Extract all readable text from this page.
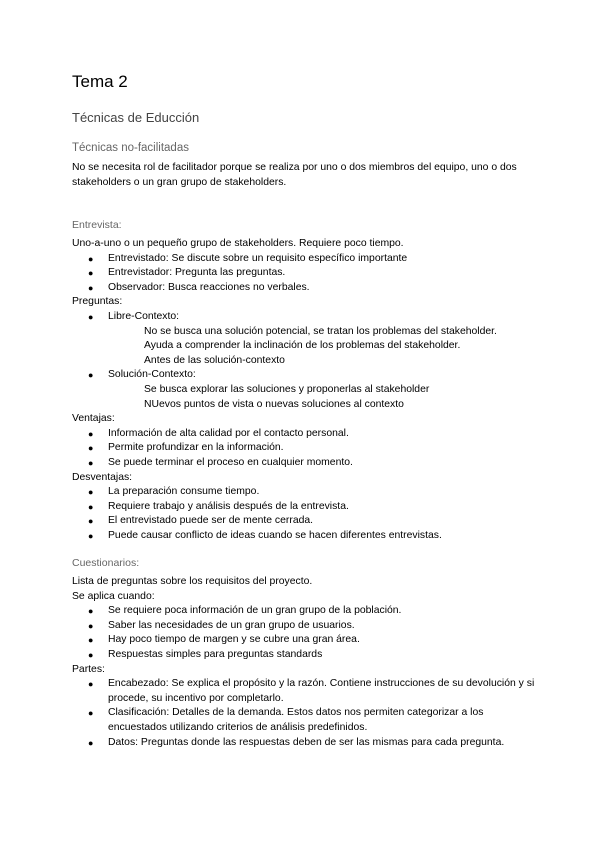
Tema 2
Técnicas de Educción
Técnicas no-facilitadas
No se necesita rol de facilitador porque se realiza por uno o dos miembros del equipo, uno o dos stakeholders o un gran grupo de stakeholders.
Entrevista:
Uno-a-uno o un pequeño grupo de stakeholders. Requiere poco tiempo.
● Entrevistado: Se discute sobre un requisito específico importante
● Entrevistador: Pregunta las preguntas.
● Observador: Busca reacciones no verbales.
Preguntas:
● Libre-Contexto:
No se busca una solución potencial, se tratan los problemas del stakeholder.
Ayuda a comprender la inclinación de los problemas del stakeholder.
Antes de las solución-contexto
● Solución-Contexto:
Se busca explorar las soluciones y proponerlas al stakeholder
NUevos puntos de vista o nuevas soluciones al contexto
Ventajas:
● Información de alta calidad por el contacto personal.
● Permite profundizar en la información.
● Se puede terminar el proceso en cualquier momento.
Desventajas:
● La preparación consume tiempo.
● Requiere trabajo y análisis después de la entrevista.
● El entrevistado puede ser de mente cerrada.
● Puede causar conflicto de ideas cuando se hacen diferentes entrevistas.
Cuestionarios:
Lista de preguntas sobre los requisitos del proyecto.
Se aplica cuando:
● Se requiere poca información de un gran grupo de la población.
● Saber las necesidades de un gran grupo de usuarios.
● Hay poco tiempo de margen y se cubre una gran área.
● Respuestas simples para preguntas standards
Partes:
● Encabezado: Se explica el propósito y la razón. Contiene instrucciones de su devolución y si procede, su incentivo por completarlo.
● Clasificación: Detalles de la demanda. Estos datos nos permiten categorizar a los encuestados utilizando criterios de análisis predefinidos.
● Datos: Preguntas donde las respuestas deben de ser las mismas para cada pregunta.
